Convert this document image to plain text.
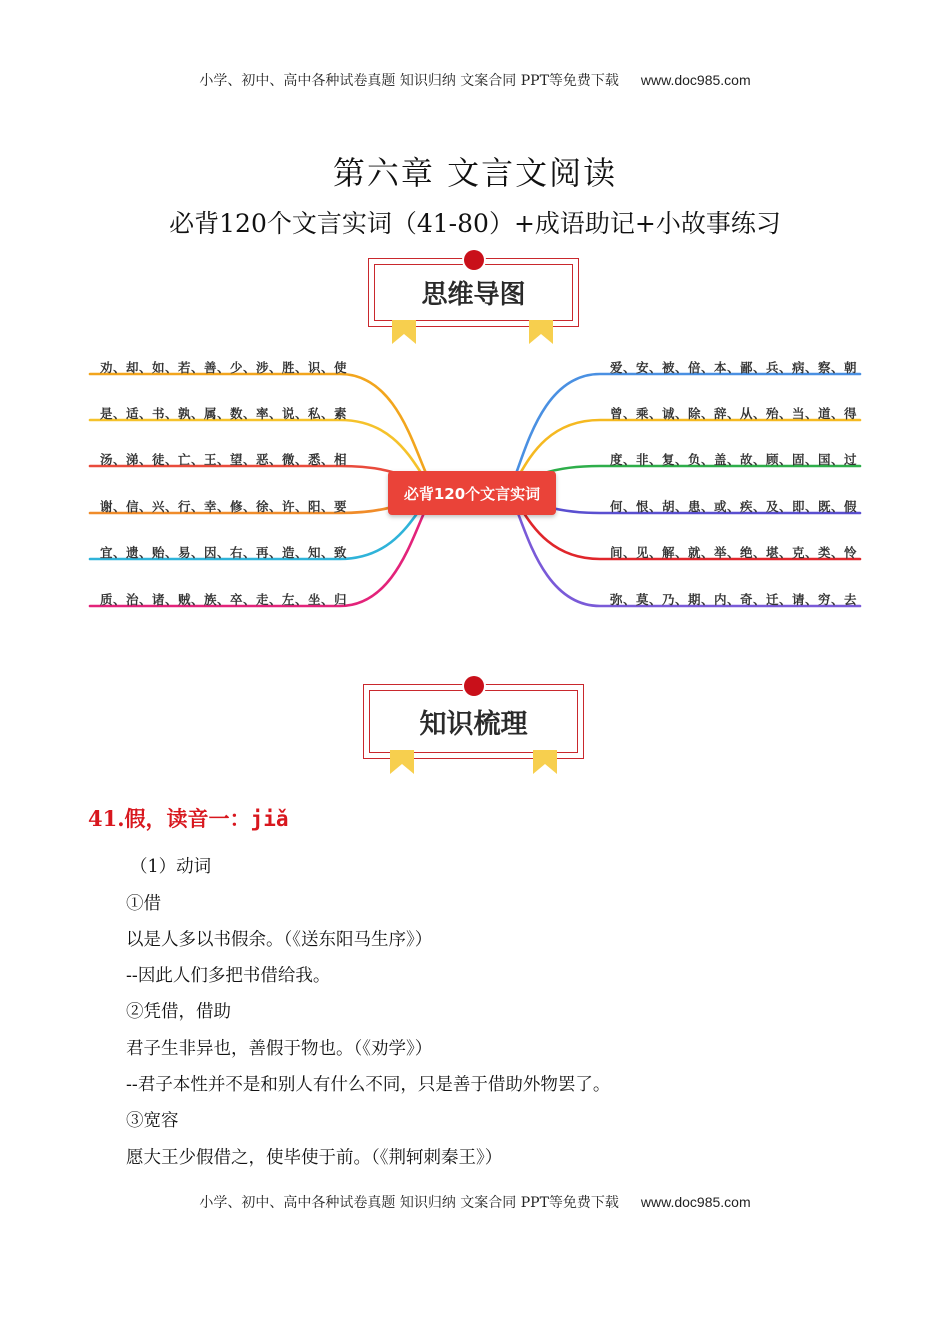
小学、初中、高中各种试卷真题 知识归纳 文案合同 PPT等免费下载 www.doc985.com
第六章 文言文阅读
必背120个文言实词（41-80）+成语助记+小故事练习
思维导图
劝、却、如、若、善、少、涉、胜、识、使
是、适、书、孰、属、数、率、说、私、素
汤、涕、徒、亡、王、望、恶、微、悉、相
谢、信、兴、行、幸、修、徐、许、阳、要
宜、遗、贻、易、因、右、再、造、知、致
质、治、诸、贼、族、卒、走、左、坐、归
爱、安、被、倍、本、鄙、兵、病、察、朝
曾、乘、诚、除、辞、从、殆、当、道、得
度、非、复、负、盖、故、顾、固、国、过
何、恨、胡、患、或、疾、及、即、既、假
间、见、解、就、举、绝、堪、克、类、怜
弥、莫、乃、期、内、奇、迁、请、穷、去
必背120个文言实词
知识梳理
41.假，读音一：jiǎ
（1）动词
①借
以是人多以书假余。（《送东阳马生序》）
--因此人们多把书借给我。
②凭借，借助
君子生非异也，善假于物也。（《劝学》）
--君子本性并不是和别人有什么不同，只是善于借助外物罢了。
③宽容
愿大王少假借之，使毕使于前。（《荆轲刺秦王》）
小学、初中、高中各种试卷真题 知识归纳 文案合同 PPT等免费下载 www.doc985.com
